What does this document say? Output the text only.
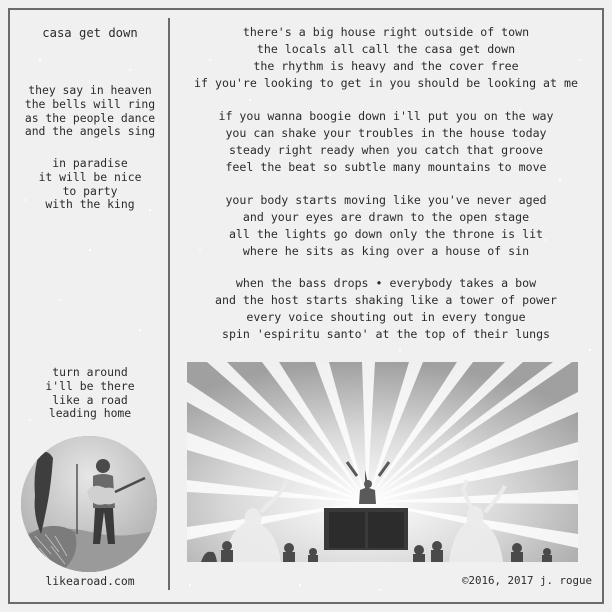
casa get down
they say in heaven
the bells will ring
as the people dance
and the angels sing
in paradise
it will be nice
to party
with the king
turn around
i'll be there
like a road
leading home
likearoad.com
there's a big house right outside of town
the locals all call the casa get down
the rhythm is heavy and the cover free
if you're looking to get in you should be looking at me
if you wanna boogie down i'll put you on the way
you can shake your troubles in the house today
steady right ready when you catch that groove
feel the beat so subtle many mountains to move
your body starts moving like you've never aged
and your eyes are drawn to the open stage
all the lights go down only the throne is lit
where he sits as king over a house of sin
when the bass drops • everybody takes a bow
and the host starts shaking like a tower of power
every voice shouting out in every tongue
spin 'espiritu santo' at the top of their lungs
©2016, 2017 j. rogue
